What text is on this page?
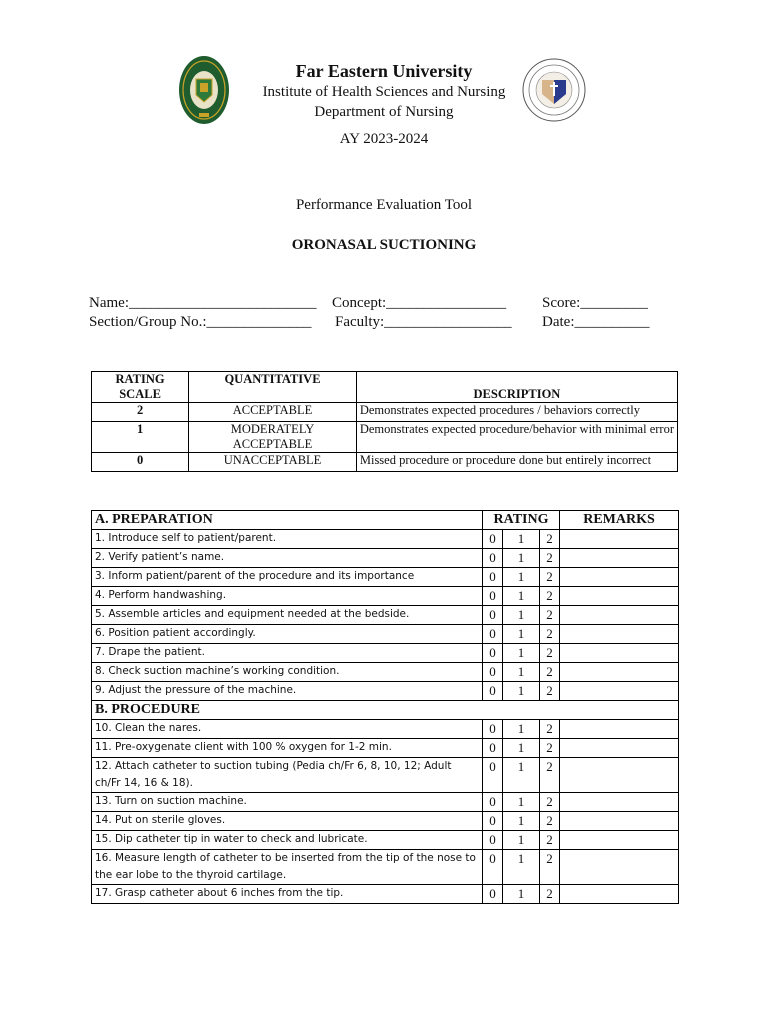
Far Eastern University
Institute of Health Sciences and Nursing
Department of Nursing
AY 2023-2024
Performance Evaluation Tool
ORONASAL SUCTIONING
Name:_________________________ Concept:________________ Score:_________
Section/Group No.:______________ Faculty:_________________ Date:__________
RATING SCALE	QUANTITATIVE	DESCRIPTION
2	ACCEPTABLE	Demonstrates expected procedures / behaviors correctly
1	MODERATELY ACCEPTABLE	Demonstrates expected procedure/behavior with minimal error
0	UNACCEPTABLE	Missed procedure or procedure done but entirely incorrect
A. PREPARATION	RATING			REMARKS
1. Introduce self to patient/parent.	0	1	2	
2. Verify patient’s name.	0	1	2	
3. Inform patient/parent of the procedure and its importance	0	1	2	
4. Perform handwashing.	0	1	2	
5. Assemble articles and equipment needed at the bedside.	0	1	2	
6. Position patient accordingly.	0	1	2	
7. Drape the patient.	0	1	2	
8. Check suction machine’s working condition.	0	1	2	
9. Adjust the pressure of the machine.	0	1	2	
B. PROCEDURE				
10. Clean the nares.	0	1	2	
11. Pre-oxygenate client with 100 % oxygen for 1-2 min.	0	1	2	
12. Attach catheter to suction tubing (Pedia ch/Fr 6, 8, 10, 12; Adult ch/Fr 14, 16 & 18).	0	1	2	
13. Turn on suction machine.	0	1	2	
14. Put on sterile gloves.	0	1	2	
15. Dip catheter tip in water to check and lubricate.	0	1	2	
16. Measure length of catheter to be inserted from the tip of the nose to the ear lobe to the thyroid cartilage.	0	1	2	
17. Grasp catheter about 6 inches from the tip.	0	1	2	
